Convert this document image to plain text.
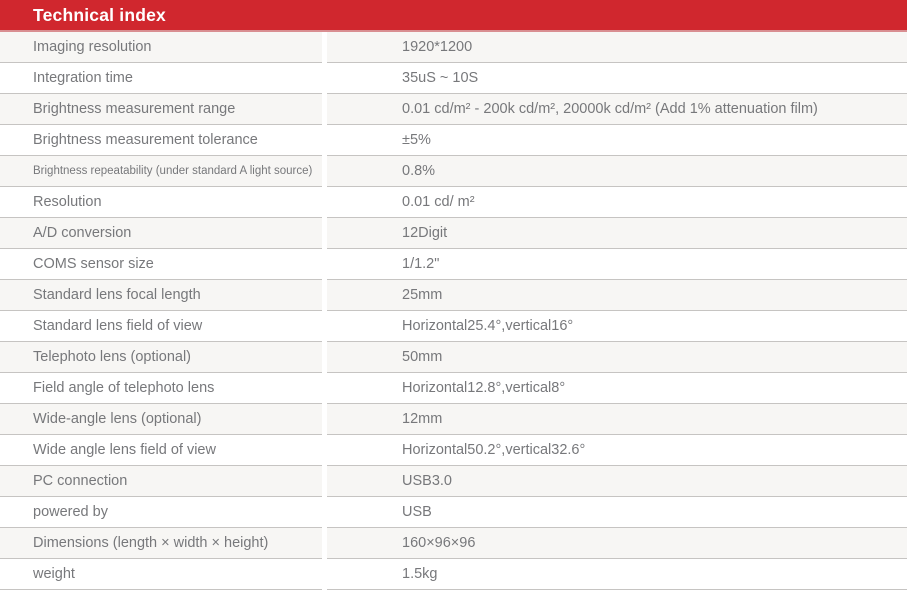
Technical index
Imaging resolution	1920*1200
Integration time	35uS ~ 10S
Brightness measurement range	0.01 cd/m² - 200k cd/m², 20000k cd/m² (Add 1% attenuation film)
Brightness measurement tolerance	±5%
Brightness repeatability (under standard A light source)	0.8%
Resolution	0.01 cd/ m²
A/D conversion	12Digit
COMS sensor size	1/1.2"
Standard lens focal length	25mm
Standard lens field of view	Horizontal25.4°,vertical16°
Telephoto lens (optional)	50mm
Field angle of telephoto lens	Horizontal12.8°,vertical8°
Wide-angle lens (optional)	12mm
Wide angle lens field of view	Horizontal50.2°,vertical32.6°
PC connection	USB3.0
powered by	USB
Dimensions (length × width × height)	160×96×96
weight	1.5kg
